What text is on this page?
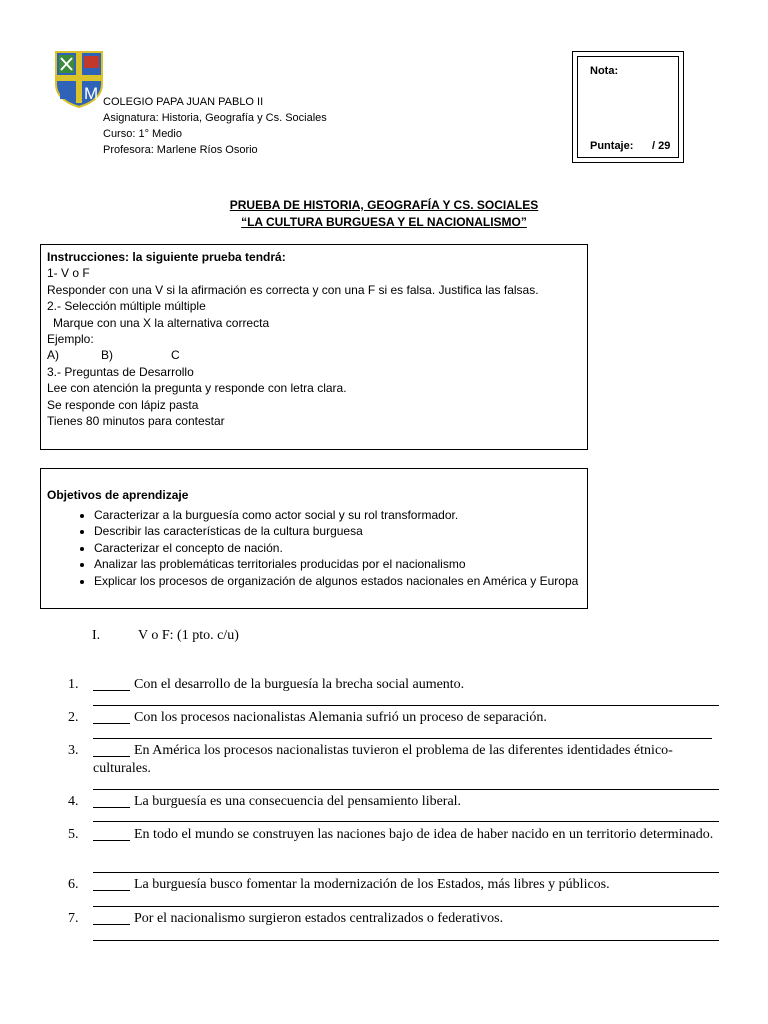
M COLEGIO PAPA JUAN PABLO II
Asignatura: Historia, Geografía y Cs. Sociales
Curso: 1° Medio
Profesora: Marlene Ríos Osorio
Nota:
Puntaje: / 29
PRUEBA DE HISTORIA, GEOGRAFÍA Y CS. SOCIALES
“LA CULTURA BURGUESA Y EL NACIONALISMO”
Instrucciones: la siguiente prueba tendrá:
1- V o F
Responder con una V si la afirmación es correcta y con una F si es falsa. Justifica las falsas.
2.- Selección múltiple múltiple
Marque con una X la alternativa correcta
Ejemplo:
A)	B)	C
3.- Preguntas de Desarrollo
Lee con atención la pregunta y responde con letra clara.
Se responde con lápiz pasta
Tienes 80 minutos para contestar
Objetivos de aprendizaje
• Caracterizar a la burguesía como actor social y su rol transformador.
• Describir las características de la cultura burguesa
• Caracterizar el concepto de nación.
• Analizar las problemáticas territoriales producidas por el nacionalismo
• Explicar los procesos de organización de algunos estados nacionales en América y Europa
I.	V o F: (1 pto. c/u)
1.	Con el desarrollo de la burguesía la brecha social aumento.
2.	Con los procesos nacionalistas Alemania sufrió un proceso de separación.
3.	En América los procesos nacionalistas tuvieron el problema de las diferentes identidades étnico- culturales.
4.	La burguesía es una consecuencia del pensamiento liberal.
5.	En todo el mundo se construyen las naciones bajo de idea de haber nacido en un territorio determinado.
6.	La burguesía busco fomentar la modernización de los Estados, más libres y públicos.
7.	Por el nacionalismo surgieron estados centralizados o federativos.
